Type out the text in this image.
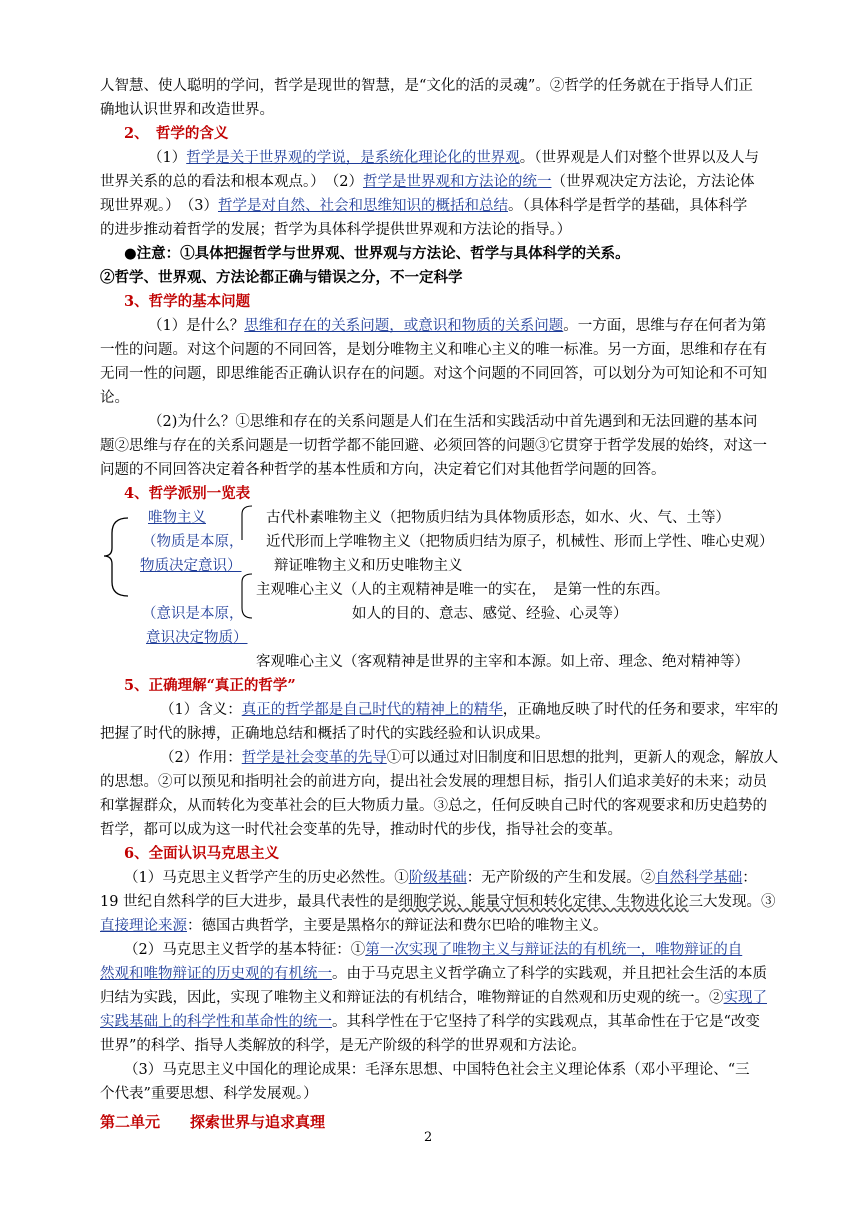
人智慧、使人聪明的学问，哲学是现世的智慧，是“文化的活的灵魂”。②哲学的任务就在于指导人们正
确地认识世界和改造世界。
2、　哲学的含义
（1）哲学是关于世界观的学说，是系统化理论化的世界观。（世界观是人们对整个世界以及人与
世界关系的总的看法和根本观点。）　（2）哲学是世界观和方法论的统一（世界观决定方法论，方法论体
现世界观。）　（3）哲学是对自然、社会和思维知识的概括和总结。（具体科学是哲学的基础，具体科学
的进步推动着哲学的发展；哲学为具体科学提供世界观和方法论的指导。）
●注意：①具体把握哲学与世界观、世界观与方法论、哲学与具体科学的关系。
②哲学、世界观、方法论都正确与错误之分，不一定科学
3、哲学的基本问题
（1）是什么？思维和存在的关系问题，或意识和物质的关系问题。一方面，思维与存在何者为第
一性的问题。对这个问题的不同回答，是划分唯物主义和唯心主义的唯一标准。另一方面，思维和存在有
无同一性的问题，即思维能否正确认识存在的问题。对这个问题的不同回答，可以划分为可知论和不可知
论。
（2)为什么？①思维和存在的关系问题是人们在生活和实践活动中首先遇到和无法回避的基本问
题②思维与存在的关系问题是一切哲学都不能回避、必须回答的问题③它贯穿于哲学发展的始终，对这一
问题的不同回答决定着各种哲学的基本性质和方向，决定着它们对其他哲学问题的回答。
4、哲学派别一览表
唯物主义	古代朴素唯物主义（把物质归结为具体物质形态，如水、火、气、土等）
近代形而上学唯物主义（把物质归结为原子，机械性、形而上学性、唯心史观）
（物质是本原，
物质决定意识） 辩证唯物主义和历史唯物主义
主观唯心主义（人的主观精神是唯一的实在，　是第一性的东西。
（意识是本原，	如人的目的、意志、感觉、经验、心灵等）
意识决定物质）
客观唯心主义（客观精神是世界的主宰和本源。如上帝、理念、绝对精神等）
5、正确理解“真正的哲学”
（1）含义：真正的哲学都是自己时代的精神上的精华，正确地反映了时代的任务和要求，牢牢的
把握了时代的脉搏，正确地总结和概括了时代的实践经验和认识成果。
（2）作用：哲学是社会变革的先导①可以通过对旧制度和旧思想的批判，更新人的观念，解放人
的思想。②可以预见和指明社会的前进方向，提出社会发展的理想目标，指引人们追求美好的未来；动员
和掌握群众，从而转化为变革社会的巨大物质力量。③总之，任何反映自己时代的客观要求和历史趋势的
哲学，都可以成为这一时代社会变革的先导，推动时代的步伐，指导社会的变革。
6、全面认识马克思主义
（1）马克思主义哲学产生的历史必然性。①阶级基础：无产阶级的产生和发展。②自然科学基础：
19 世纪自然科学的巨大进步，最具代表性的是细胞学说、能量守恒和转化定律、生物进化论三大发现。③
直接理论来源：德国古典哲学，主要是黑格尔的辩证法和费尔巴哈的唯物主义。
（2）马克思主义哲学的基本特征：①第一次实现了唯物主义与辩证法的有机统一，唯物辩证的自
然观和唯物辩证的历史观的有机统一。由于马克思主义哲学确立了科学的实践观，并且把社会生活的本质
归结为实践，因此，实现了唯物主义和辩证法的有机结合，唯物辩证的自然观和历史观的统一。②实现了
实践基础上的科学性和革命性的统一。其科学性在于它坚持了科学的实践观点，其革命性在于它是“改变
世界”的科学、指导人类解放的科学，是无产阶级的科学的世界观和方法论。
（3）马克思主义中国化的理论成果：毛泽东思想、中国特色社会主义理论体系（邓小平理论、“三
个代表”重要思想、科学发展观。）
第二单元　　探索世界与追求真理
2
